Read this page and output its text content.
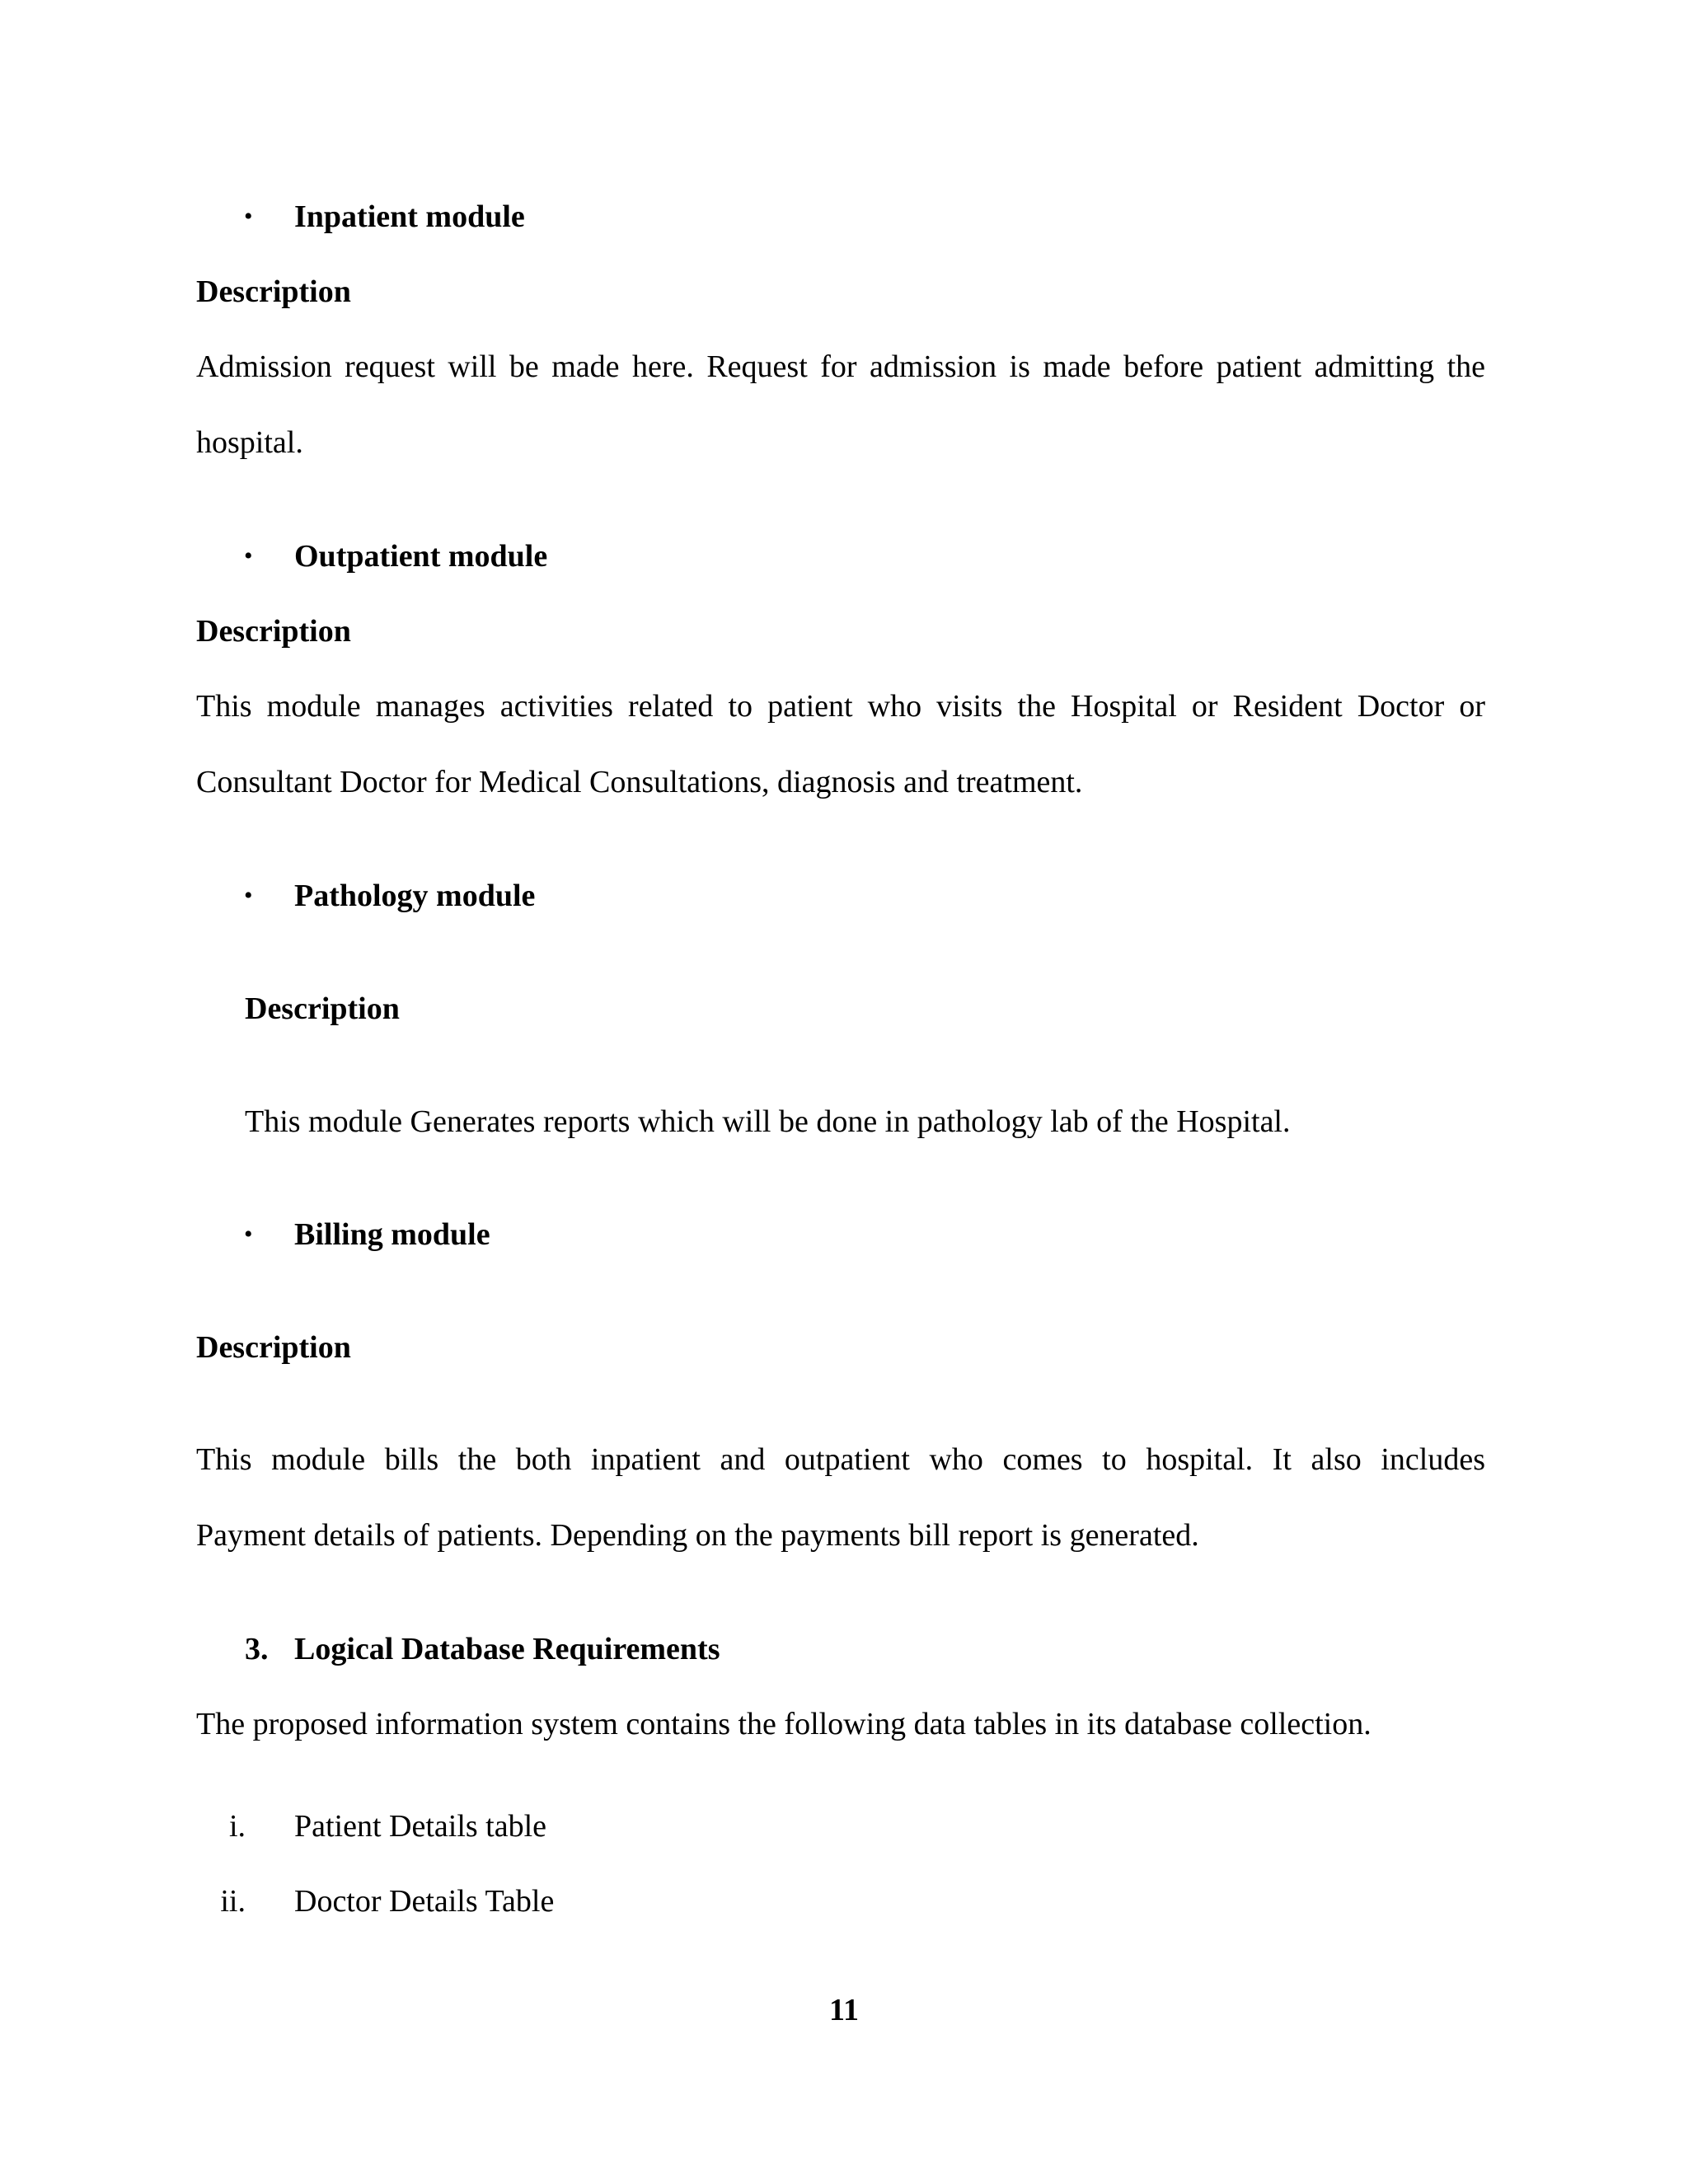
• Inpatient module
Description
Admission request will be made here. Request for admission is made before patient admitting the
hospital.
• Outpatient module
Description
This module manages activities related to patient who visits the Hospital or Resident Doctor or
Consultant Doctor for Medical Consultations, diagnosis and treatment.
• Pathology module
Description
This module Generates reports which will be done in pathology lab of the Hospital.
• Billing module
Description
This module bills the both inpatient and outpatient who comes to hospital. It also includes
Payment details of patients. Depending on the payments bill report is generated.
3. Logical Database Requirements
The proposed information system contains the following data tables in its database collection.
i. Patient Details table
ii. Doctor Details Table
11
